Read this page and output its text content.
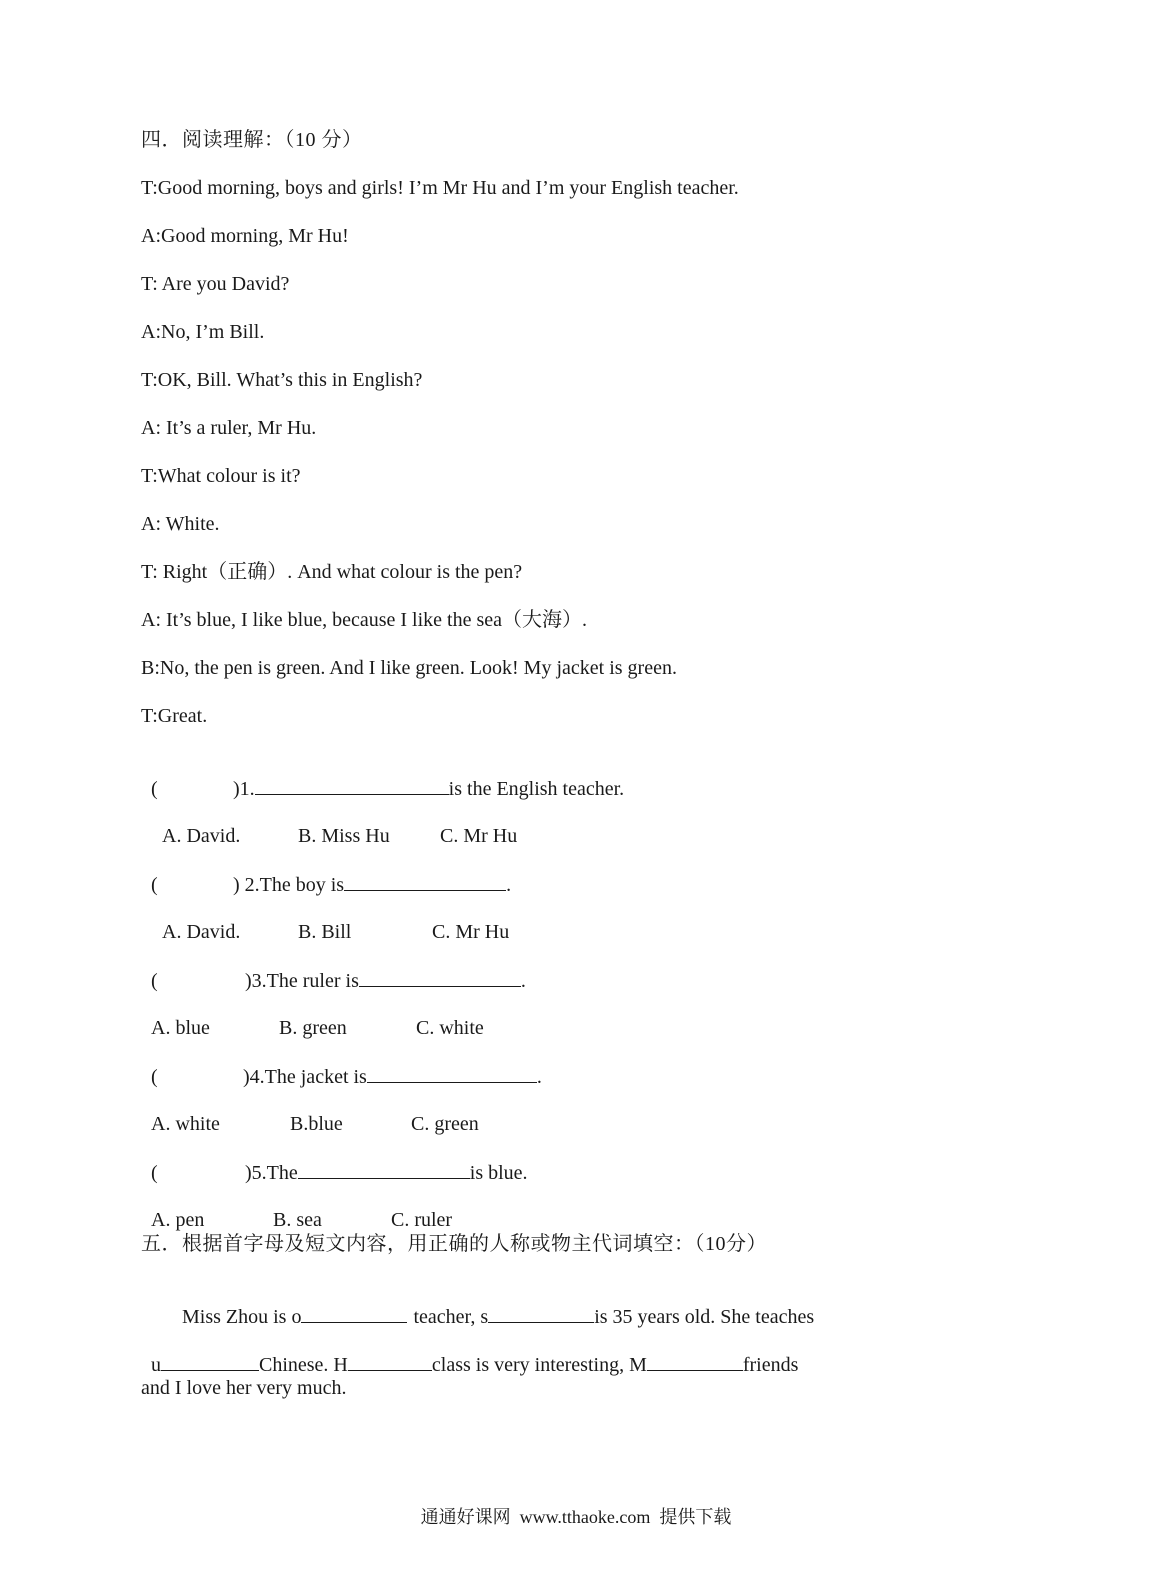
四．阅读理解：（10 分）
T:Good morning, boys and girls! I’m Mr Hu and I’m your English teacher.
A:Good morning, Mr Hu!
T: Are you David?
A:No, I’m Bill.
T:OK, Bill. What’s this in English?
A: It’s a ruler, Mr Hu.
T:What colour is it?
A: White.
T: Right（正确）. And what colour is the pen?
A: It’s blue, I like blue, because I like the sea（大海）.
B:No, the pen is green. And I like green. Look! My jacket is green.
T:Great.

(	)1.	is the English teacher.

A. David.	B. Miss Hu	C. Mr Hu

(	) 2.The boy is	.

A. David.	B. Bill	C. Mr Hu

(	)3.The ruler is	.

A. blue	B. green	C. white

(	)4.The jacket is	.

A. white	B.blue	C. green

(	)5.The	is blue.

A. pen	B. sea	C. ruler

五．根据首字母及短文内容，用正确的人称或物主代词填空：（10分）

Miss Zhou is o	teacher, s	is 35 years old. She teaches

u	Chinese. H	class is very interesting, M	friends

and I love her very much.
通通好课网  www.tthaoke.com  提供下载
